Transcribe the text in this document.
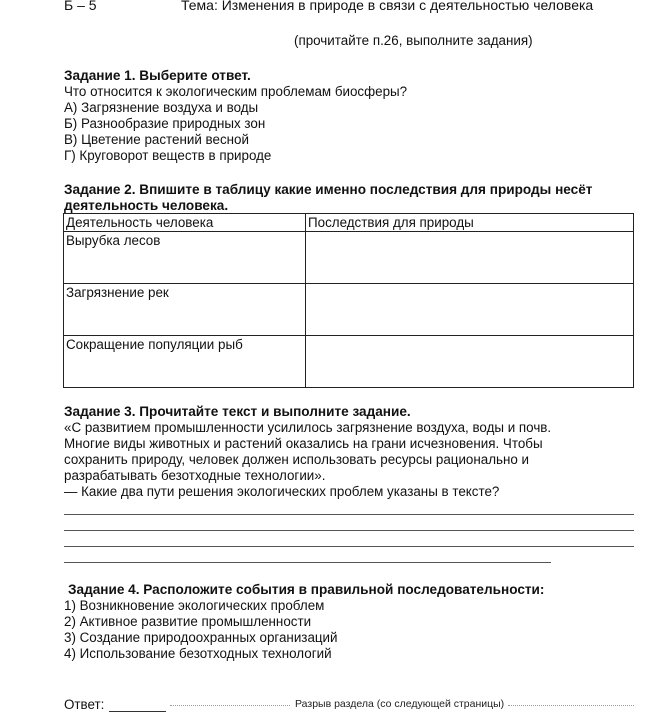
Б – 5	Тема: Изменения в природе в связи с деятельностью человека
(прочитайте п.26, выполните задания)
Задание 1. Выберите ответ.
Что относится к экологическим проблемам биосферы?
А) Загрязнение воздуха и воды
Б) Разнообразие природных зон
В) Цветение растений весной
Г) Круговорот веществ в природе
Задание 2. Впишите в таблицу какие именно последствия для природы несёт
деятельность человека.
Деятельность человека	Последствия для природы
Вырубка лесов	
Загрязнение рек	
Сокращение популяции рыб	
Задание 3. Прочитайте текст и выполните задание.
«С развитием промышленности усилилось загрязнение воздуха, воды и почв.
Многие виды животных и растений оказались на грани исчезновения. Чтобы
сохранить природу, человек должен использовать ресурсы рационально и
разрабатывать безотходные технологии».
— Какие два пути решения экологических проблем указаны в тексте?
Задание 4. Расположите события в правильной последовательности:
1) Возникновение экологических проблем
2) Активное развитие промышленности
3) Создание природоохранных организаций
4) Использование безотходных технологий
Ответ:	Разрыв раздела (со следующей страницы)
